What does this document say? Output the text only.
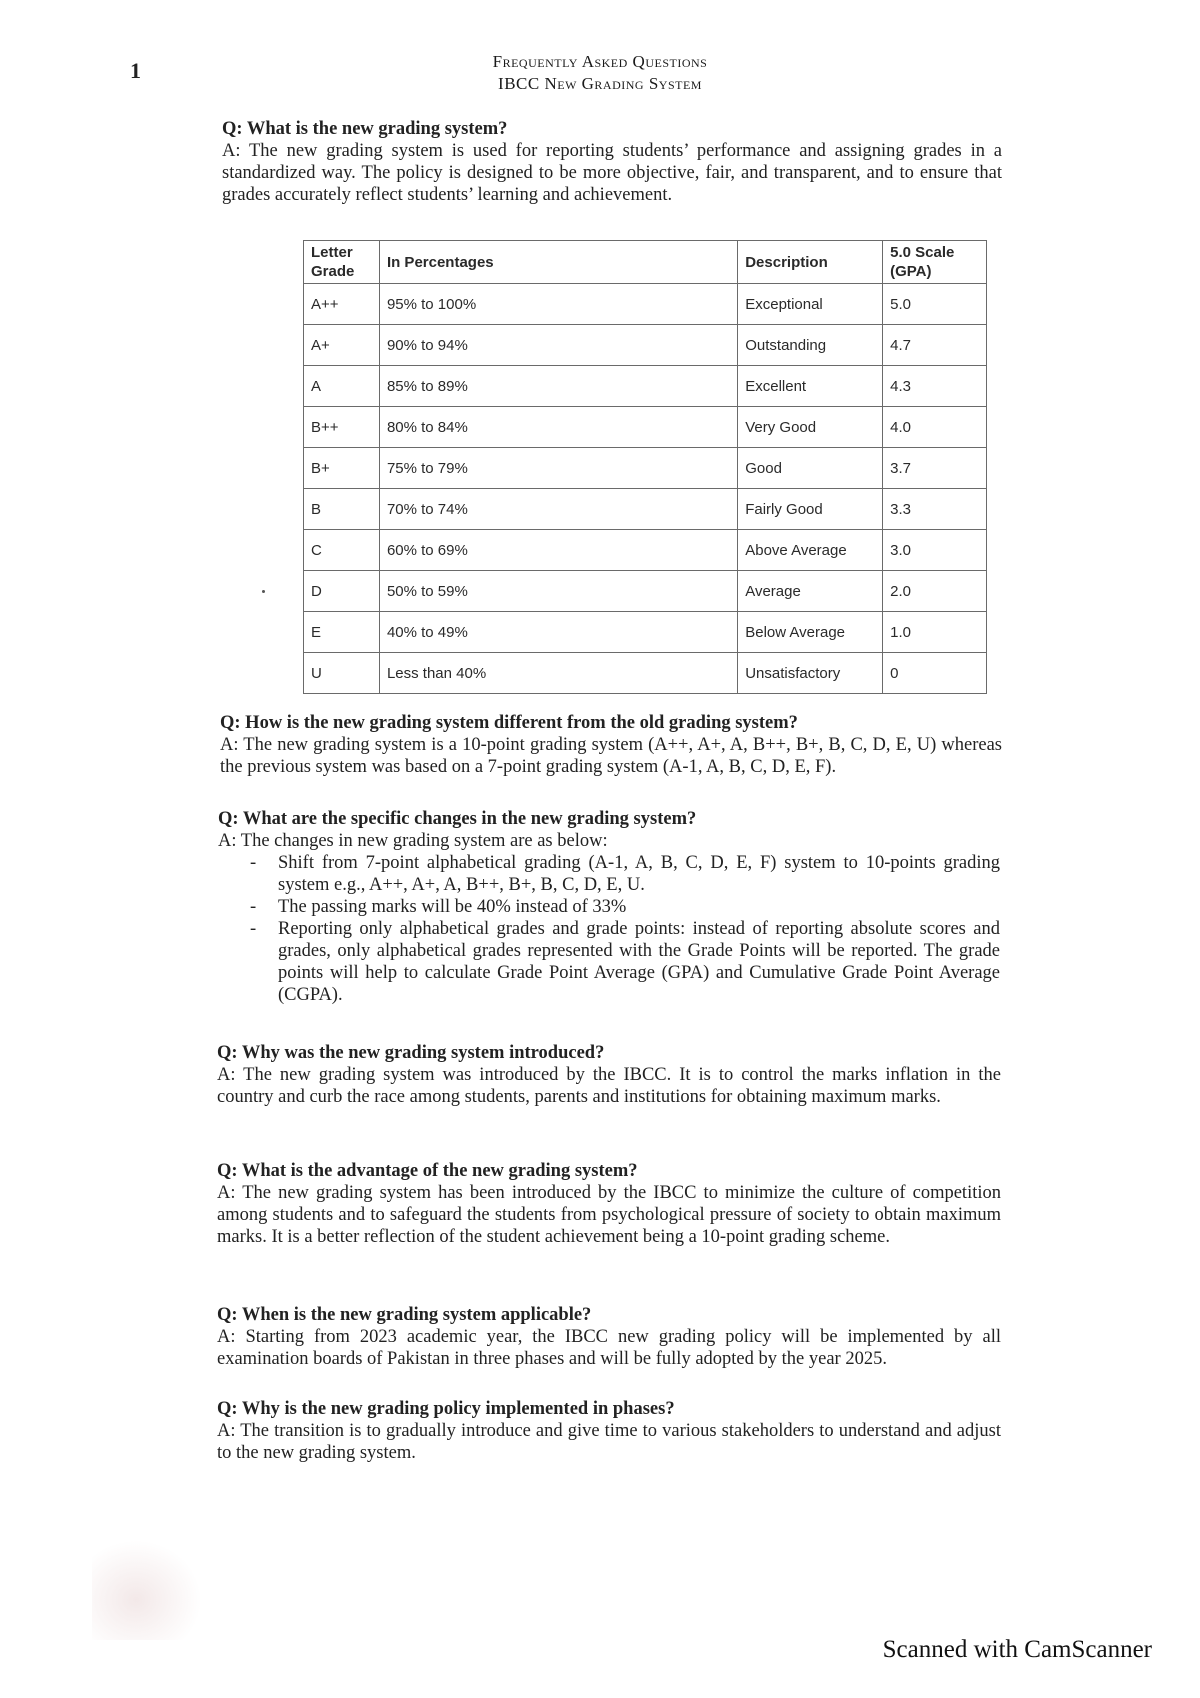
1	Frequently Asked Questions
IBCC New Grading System
Q: What is the new grading system?
A: The new grading system is used for reporting students’ performance and assigning grades in a standardized way. The policy is designed to be more objective, fair, and transparent, and to ensure that grades accurately reflect students’ learning and achievement.
Letter Grade	In Percentages	Description	5.0 Scale (GPA)
A++	95% to 100%	Exceptional	5.0
A+	90% to 94%	Outstanding	4.7
A	85% to 89%	Excellent	4.3
B++	80% to 84%	Very Good	4.0
B+	75% to 79%	Good	3.7
B	70% to 74%	Fairly Good	3.3
C	60% to 69%	Above Average	3.0
D	50% to 59%	Average	2.0
E	40% to 49%	Below Average	1.0
U	Less than 40%	Unsatisfactory	0
Q: How is the new grading system different from the old grading system?
A: The new grading system is a 10-point grading system (A++, A+, A, B++, B+, B, C, D, E, U) whereas the previous system was based on a 7-point grading system (A-1, A, B, C, D, E, F).
Q: What are the specific changes in the new grading system?
A: The changes in new grading system are as below:
- Shift from 7-point alphabetical grading (A-1, A, B, C, D, E, F) system to 10-points grading system e.g., A++, A+, A, B++, B+, B, C, D, E, U.
- The passing marks will be 40% instead of 33%
- Reporting only alphabetical grades and grade points: instead of reporting absolute scores and grades, only alphabetical grades represented with the Grade Points will be reported. The grade points will help to calculate Grade Point Average (GPA) and Cumulative Grade Point Average (CGPA).
Q: Why was the new grading system introduced?
A: The new grading system was introduced by the IBCC. It is to control the marks inflation in the country and curb the race among students, parents and institutions for obtaining maximum marks.
Q: What is the advantage of the new grading system?
A: The new grading system has been introduced by the IBCC to minimize the culture of competition among students and to safeguard the students from psychological pressure of society to obtain maximum marks. It is a better reflection of the student achievement being a 10-point grading scheme.
Q: When is the new grading system applicable?
A: Starting from 2023 academic year, the IBCC new grading policy will be implemented by all examination boards of Pakistan in three phases and will be fully adopted by the year 2025.
Q: Why is the new grading policy implemented in phases?
A: The transition is to gradually introduce and give time to various stakeholders to understand and adjust to the new grading system.
Scanned with CamScanner
